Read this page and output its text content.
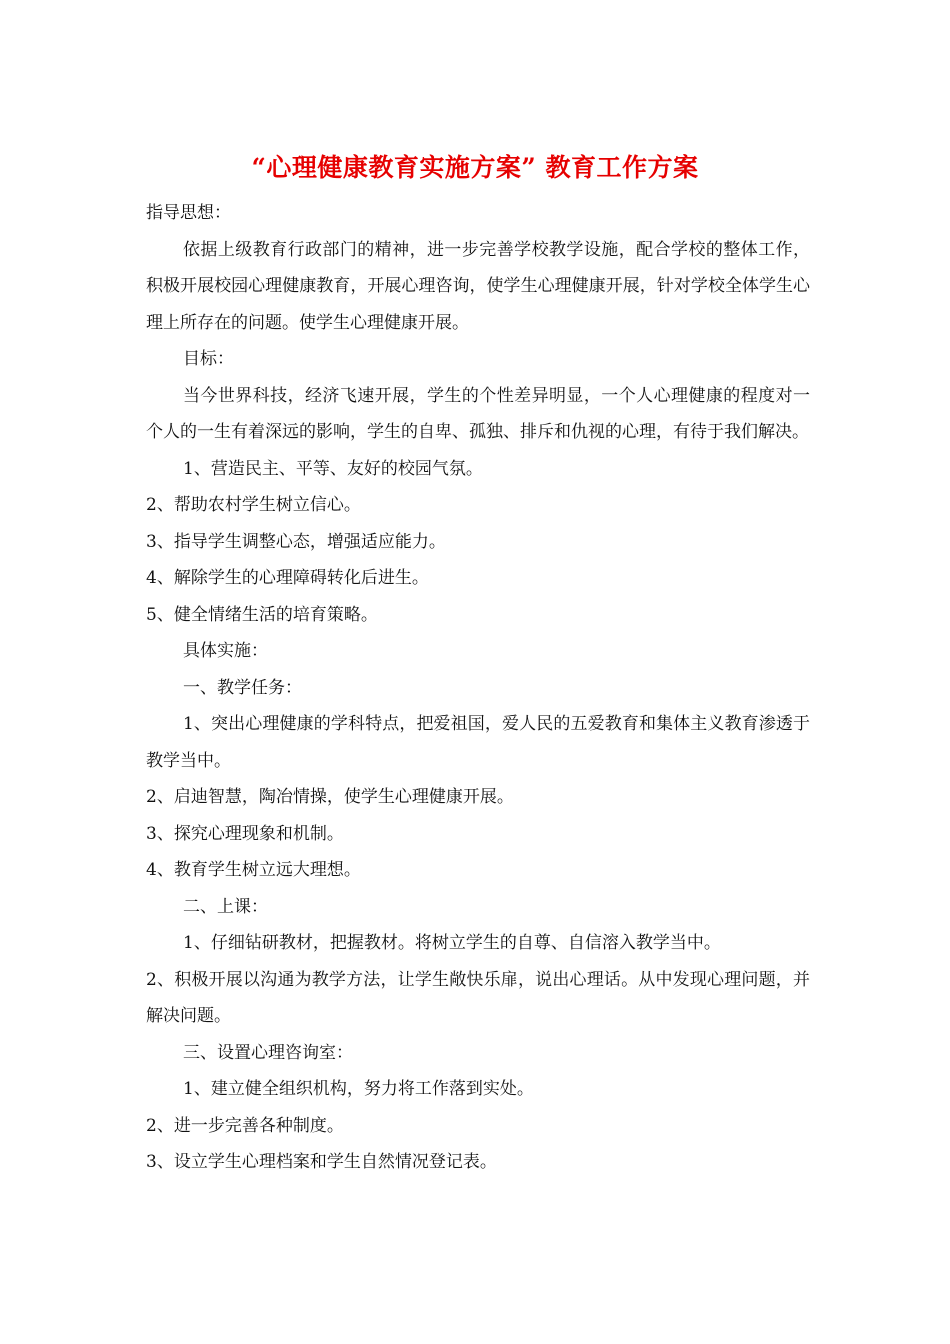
“心理健康教育实施方案” 教育工作方案

指导思想：

依据上级教育行政部门的精神，进一步完善学校教学设施，配合学校的整体工作，积极开展校园心理健康教育，开展心理咨询，使学生心理健康开展，针对学校全体学生心理上所存在的问题。使学生心理健康开展。

目标：

当今世界科技，经济飞速开展，学生的个性差异明显，一个人心理健康的程度对一个人的一生有着深远的影响，学生的自卑、孤独、排斥和仇视的心理，有待于我们解决。

1、营造民主、平等、友好的校园气氛。

2、帮助农村学生树立信心。

3、指导学生调整心态，增强适应能力。

4、解除学生的心理障碍转化后进生。

5、健全情绪生活的培育策略。

具体实施：

一、教学任务：

1、突出心理健康的学科特点，把爱祖国，爱人民的五爱教育和集体主义教育渗透于教学当中。

2、启迪智慧，陶冶情操，使学生心理健康开展。

3、探究心理现象和机制。

4、教育学生树立远大理想。

二、上课：

1、仔细钻研教材，把握教材。将树立学生的自尊、自信溶入教学当中。

2、积极开展以沟通为教学方法，让学生敞快乐扉，说出心理话。从中发现心理问题，并解决问题。

三、设置心理咨询室：

1、建立健全组织机构，努力将工作落到实处。

2、进一步完善各种制度。

3、设立学生心理档案和学生自然情况登记表。
